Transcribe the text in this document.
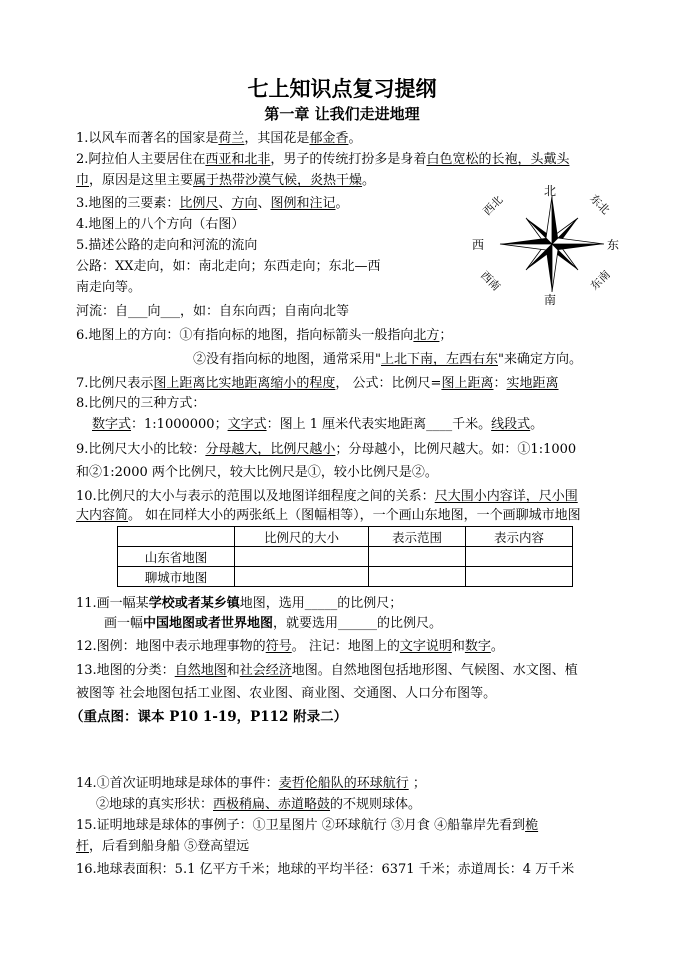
七上知识点复习提纲
第一章 让我们走进地理
1.以风车而著名的国家是荷兰，其国花是郁金香。
2.阿拉伯人主要居住在西亚和北非，男子的传统打扮多是身着白色宽松的长袍，头戴头
巾，原因是这里主要属于热带沙漠气候，炎热干燥。
3.地图的三要素：比例尺、方向、图例和注记。
4.地图上的八个方向（右图）
5.描述公路的走向和河流的流向
公路：XX走向，如：南北走向；东西走向；东北—西
南走向等。
河流：自___向___，如：自东向西；自南向北等
6.地图上的方向：①有指向标的地图，指向标箭头一般指向北方；
②没有指向标的地图，通常采用"上北下南，左西右东"来确定方向。
7.比例尺表示图上距离比实地距离缩小的程度， 公式：比例尺=图上距离：实地距离
8.比例尺的三种方式：
数字式：1:1000000；文字式：图上 1 厘米代表实地距离____千米。线段式。
9.比例尺大小的比较：分母越大，比例尺越小；分母越小，比例尺越大。如：①1:1000
和②1:2000 两个比例尺，较大比例尺是①，较小比例尺是②。
10.比例尺的大小与表示的范围以及地图详细程度之间的关系：尺大围小内容详，尺小围
大内容简。 如在同样大小的两张纸上（图幅相等），一个画山东地图，一个画聊城市地图
	比例尺的大小	表示范围	表示内容
山东省地图			
聊城市地图			
11.画一幅某学校或者某乡镇地图，选用_____的比例尺；
画一幅中国地图或者世界地图，就要选用______的比例尺。
12.图例：地图中表示地理事物的符号。 注记：地图上的文字说明和数字。
13.地图的分类：自然地图和社会经济地图。自然地图包括地形图、气候图、水文图、植
被图等 社会地图包括工业图、农业图、商业图、交通图、人口分布图等。
（重点图：课本 P10 1-19，P112 附录二）
14.①首次证明地球是球体的事件：麦哲伦船队的环球航行 ；
②地球的真实形状：西极稍扁、赤道略鼓的不规则球体。
15.证明地球是球体的事例子：①卫星图片 ②环球航行 ③月食 ④船靠岸先看到桅
杆，后看到船身船 ⑤登高望远
16.地球表面积：5.1 亿平方千米；地球的平均半径：6371 千米；赤道周长：4 万千米
北
南
东
西
东北
西北
东南
西南
